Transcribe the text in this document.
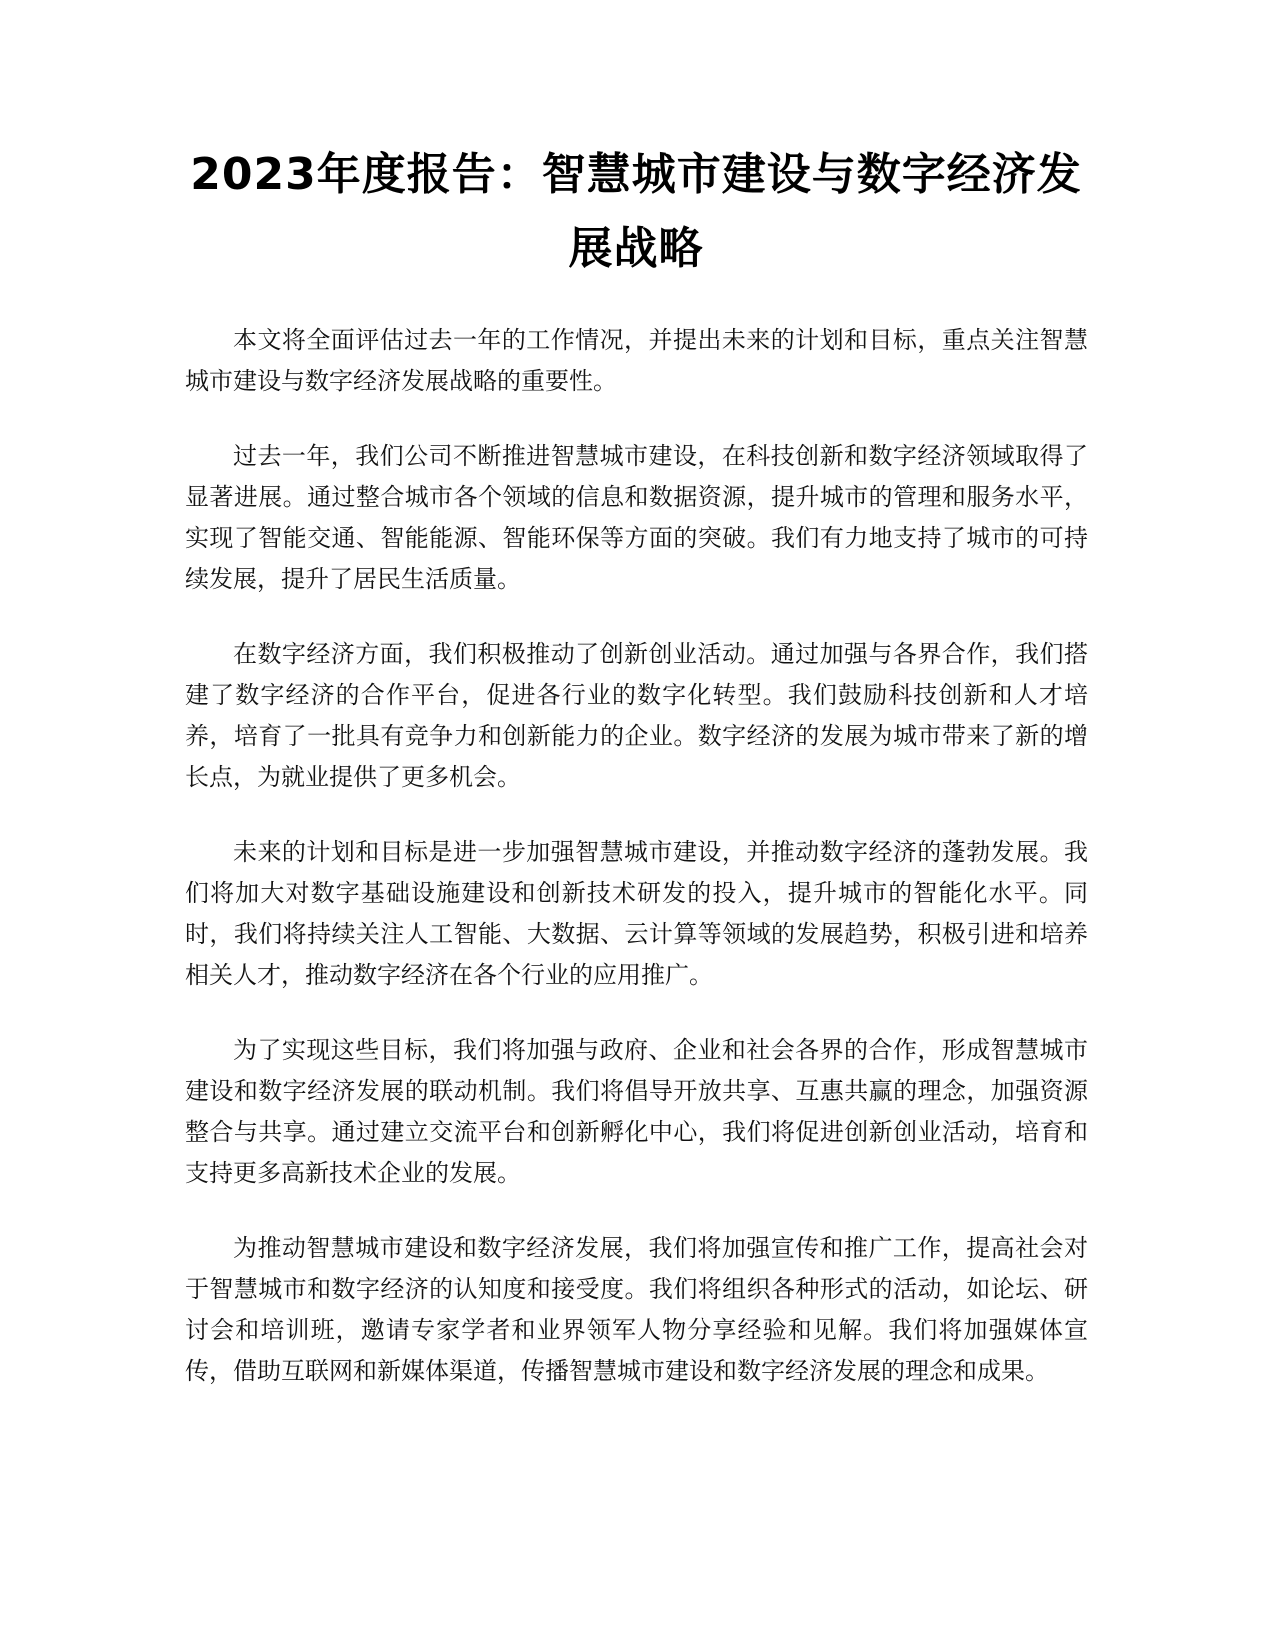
2023年度报告：智慧城市建设与数字经济发展战略

本文将全面评估过去一年的工作情况，并提出未来的计划和目标，重点关注智慧城市建设与数字经济发展战略的重要性。

过去一年，我们公司不断推进智慧城市建设，在科技创新和数字经济领域取得了显著进展。通过整合城市各个领域的信息和数据资源，提升城市的管理和服务水平，实现了智能交通、智能能源、智能环保等方面的突破。我们有力地支持了城市的可持续发展，提升了居民生活质量。

在数字经济方面，我们积极推动了创新创业活动。通过加强与各界合作，我们搭建了数字经济的合作平台，促进各行业的数字化转型。我们鼓励科技创新和人才培养，培育了一批具有竞争力和创新能力的企业。数字经济的发展为城市带来了新的增长点，为就业提供了更多机会。

未来的计划和目标是进一步加强智慧城市建设，并推动数字经济的蓬勃发展。我们将加大对数字基础设施建设和创新技术研发的投入，提升城市的智能化水平。同时，我们将持续关注人工智能、大数据、云计算等领域的发展趋势，积极引进和培养相关人才，推动数字经济在各个行业的应用推广。

为了实现这些目标，我们将加强与政府、企业和社会各界的合作，形成智慧城市建设和数字经济发展的联动机制。我们将倡导开放共享、互惠共赢的理念，加强资源整合与共享。通过建立交流平台和创新孵化中心，我们将促进创新创业活动，培育和支持更多高新技术企业的发展。

为推动智慧城市建设和数字经济发展，我们将加强宣传和推广工作，提高社会对于智慧城市和数字经济的认知度和接受度。我们将组织各种形式的活动，如论坛、研讨会和培训班，邀请专家学者和业界领军人物分享经验和见解。我们将加强媒体宣传，借助互联网和新媒体渠道，传播智慧城市建设和数字经济发展的理念和成果。
